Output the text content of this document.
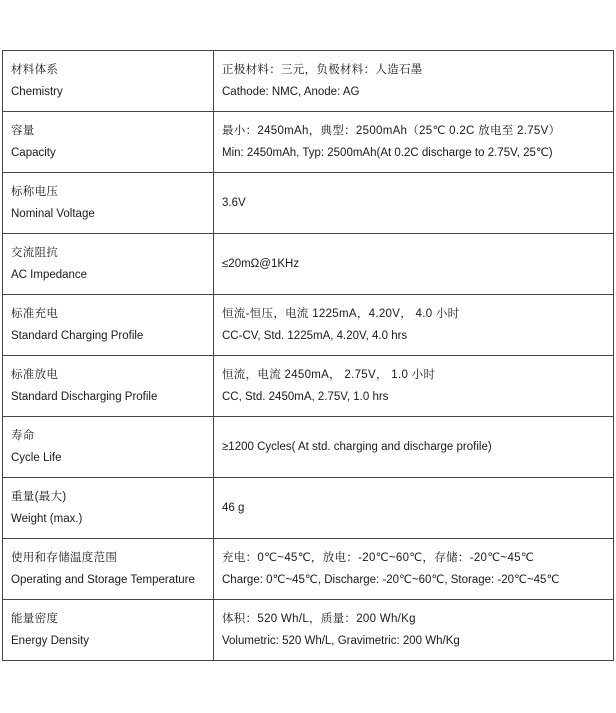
材料体系
Chemistry	正极材料：三元，负极材料：人造石墨
Cathode: NMC, Anode: AG

容量
Capacity	最小：2450mAh，典型：2500mAh（25℃ 0.2C 放电至 2.75V）
Min: 2450mAh, Typ: 2500mAh(At 0.2C discharge to 2.75V, 25℃)

标称电压
Nominal Voltage	3.6V

交流阻抗
AC Impedance	≤20mΩ@1KHz

标准充电
Standard Charging Profile	恒流-恒压，电流 1225mA，4.20V， 4.0 小时
CC-CV, Std. 1225mA, 4.20V, 4.0 hrs

标准放电
Standard Discharging Profile	恒流，电流 2450mA， 2.75V， 1.0 小时
CC, Std. 2450mA, 2.75V, 1.0 hrs

寿命
Cycle Life	≥1200 Cycles( At std. charging and discharge profile)

重量(最大)
Weight (max.)	46 g

使用和存储温度范围
Operating and Storage Temperature	充电：0℃~45℃，放电：-20℃~60℃，存储：-20℃~45℃
Charge: 0℃~45℃, Discharge: -20℃~60℃, Storage: -20℃~45℃

能量密度
Energy Density	体积：520 Wh/L，质量：200 Wh/Kg
Volumetric: 520 Wh/L, Gravimetric: 200 Wh/Kg
